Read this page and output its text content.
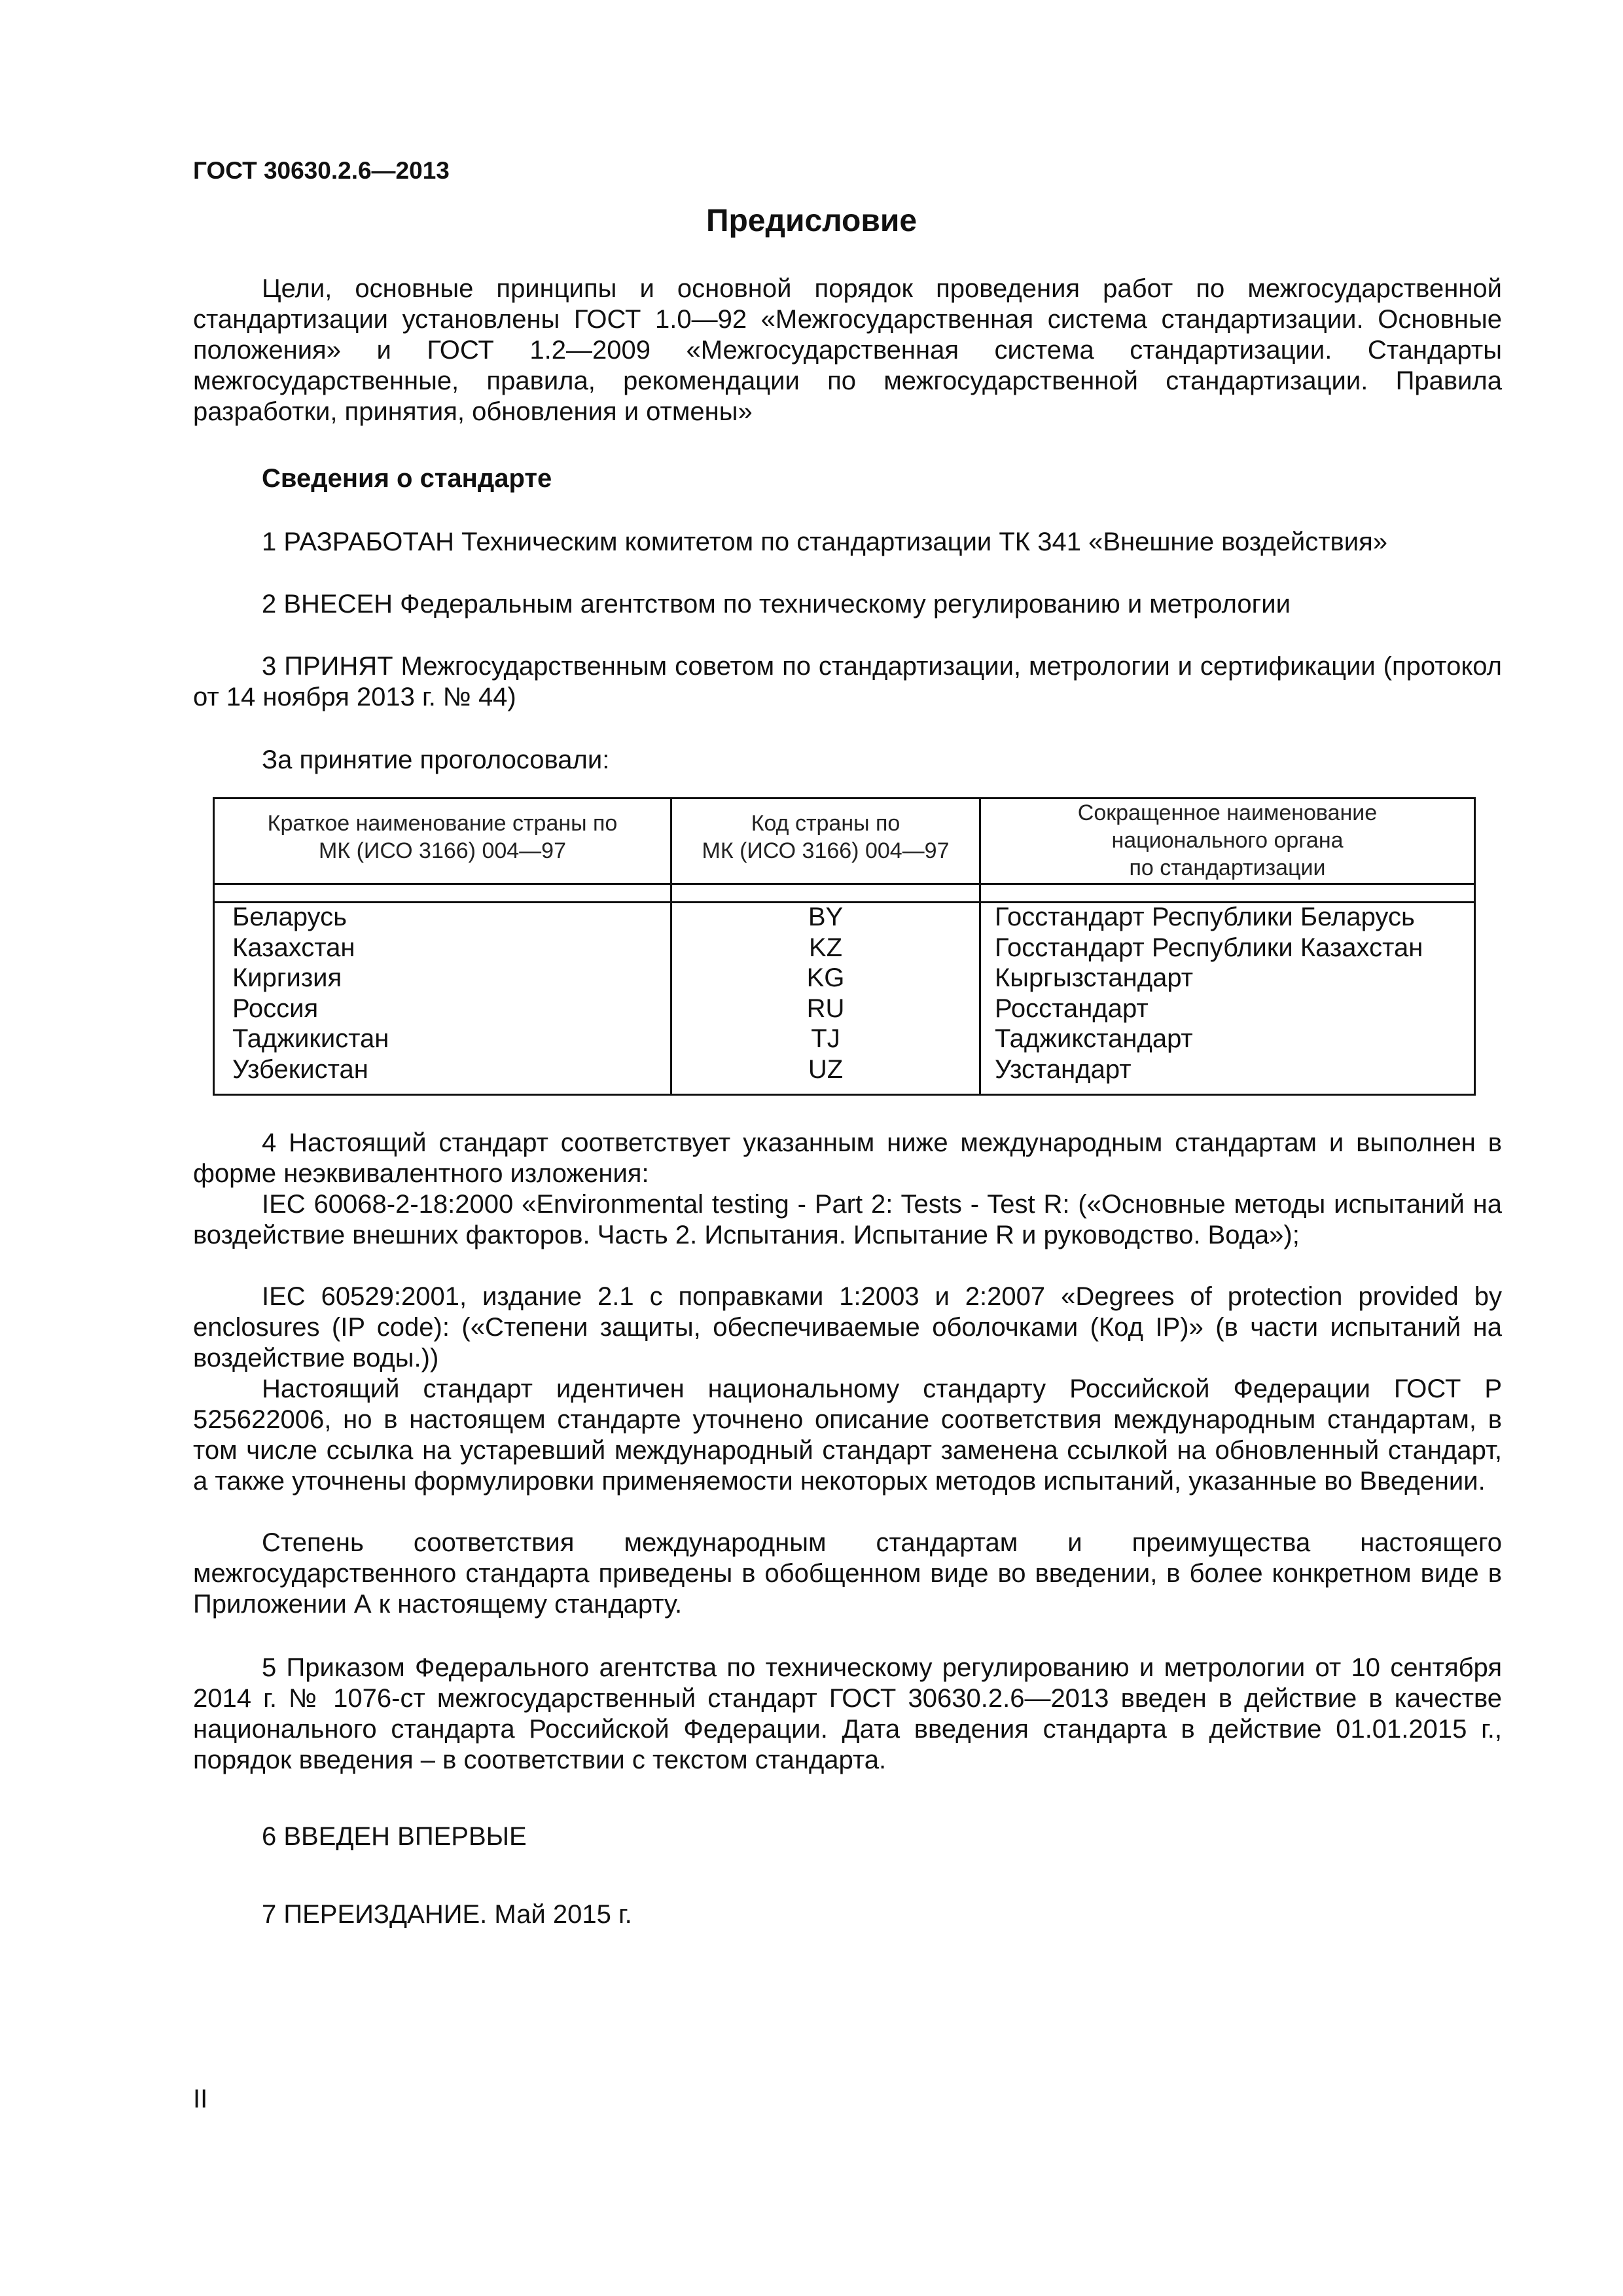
ГОСТ 30630.2.6—2013
Предисловие
Цели, основные принципы и основной порядок проведения работ по межгосударственной стандартизации установлены ГОСТ 1.0—92 «Межгосударственная система стандартизации. Основные положения» и ГОСТ 1.2—2009 «Межгосударственная система стандартизации. Стандарты межгосударственные, правила, рекомендации по межгосударственной стандартизации. Правила разработки, принятия, обновления и отмены»
Сведения о стандарте
1 РАЗРАБОТАН Техническим комитетом по стандартизации ТК 341 «Внешние воздействия»
2 ВНЕСЕН Федеральным агентством по техническому регулированию и метрологии
3 ПРИНЯТ Межгосударственным советом по стандартизации, метрологии и сертификации (протокол от 14 ноября 2013 г. № 44)
За принятие проголосовали:
Краткое наименование страны по
МК (ИСО 3166) 004—97
Код страны по
МК (ИСО 3166) 004—97
Сокращенное наименование
национального органа
по стандартизации
Беларусь
Казахстан
Киргизия
Россия
Таджикистан
Узбекистан
BY
KZ
KG
RU
TJ
UZ
Госстандарт Республики Беларусь
Госстандарт Республики Казахстан
Кыргызстандарт
Росстандарт
Таджикстандарт
Узстандарт
4 Настоящий стандарт соответствует указанным ниже международным стандартам и выполнен в форме неэквивалентного изложения:
IEC 60068-2-18:2000 «Environmental testing - Part 2: Tests - Test R: («Основные методы испытаний на воздействие внешних факторов. Часть 2. Испытания. Испытание R и руководство. Вода»);
IEC 60529:2001, издание 2.1 с поправками 1:2003 и 2:2007 «Degrees of protection provided by enclosures (IP code): («Степени защиты, обеспечиваемые оболочками (Код IP)» (в части испытаний на воздействие воды.))
Настоящий стандарт идентичен национальному стандарту Российской Федерации ГОСТ Р 525622006, но в настоящем стандарте уточнено описание соответствия международным стандартам, в том числе ссылка на устаревший международный стандарт заменена ссылкой на обновленный стандарт, а также уточнены формулировки применяемости некоторых методов испытаний, указанные во Введении.
Степень соответствия международным стандартам и преимущества настоящего межгосударственного стандарта приведены в обобщенном виде во введении, в более конкретном виде в Приложении А к настоящему стандарту.
5 Приказом Федерального агентства по техническому регулированию и метрологии от 10 сентября 2014 г. № 1076-ст межгосударственный стандарт ГОСТ 30630.2.6—2013 введен в действие в качестве национального стандарта Российской Федерации. Дата введения стандарта в действие 01.01.2015 г., порядок введения – в соответствии с текстом стандарта.
6 ВВЕДЕН ВПЕРВЫЕ
7 ПЕРЕИЗДАНИЕ. Май 2015 г.
II
